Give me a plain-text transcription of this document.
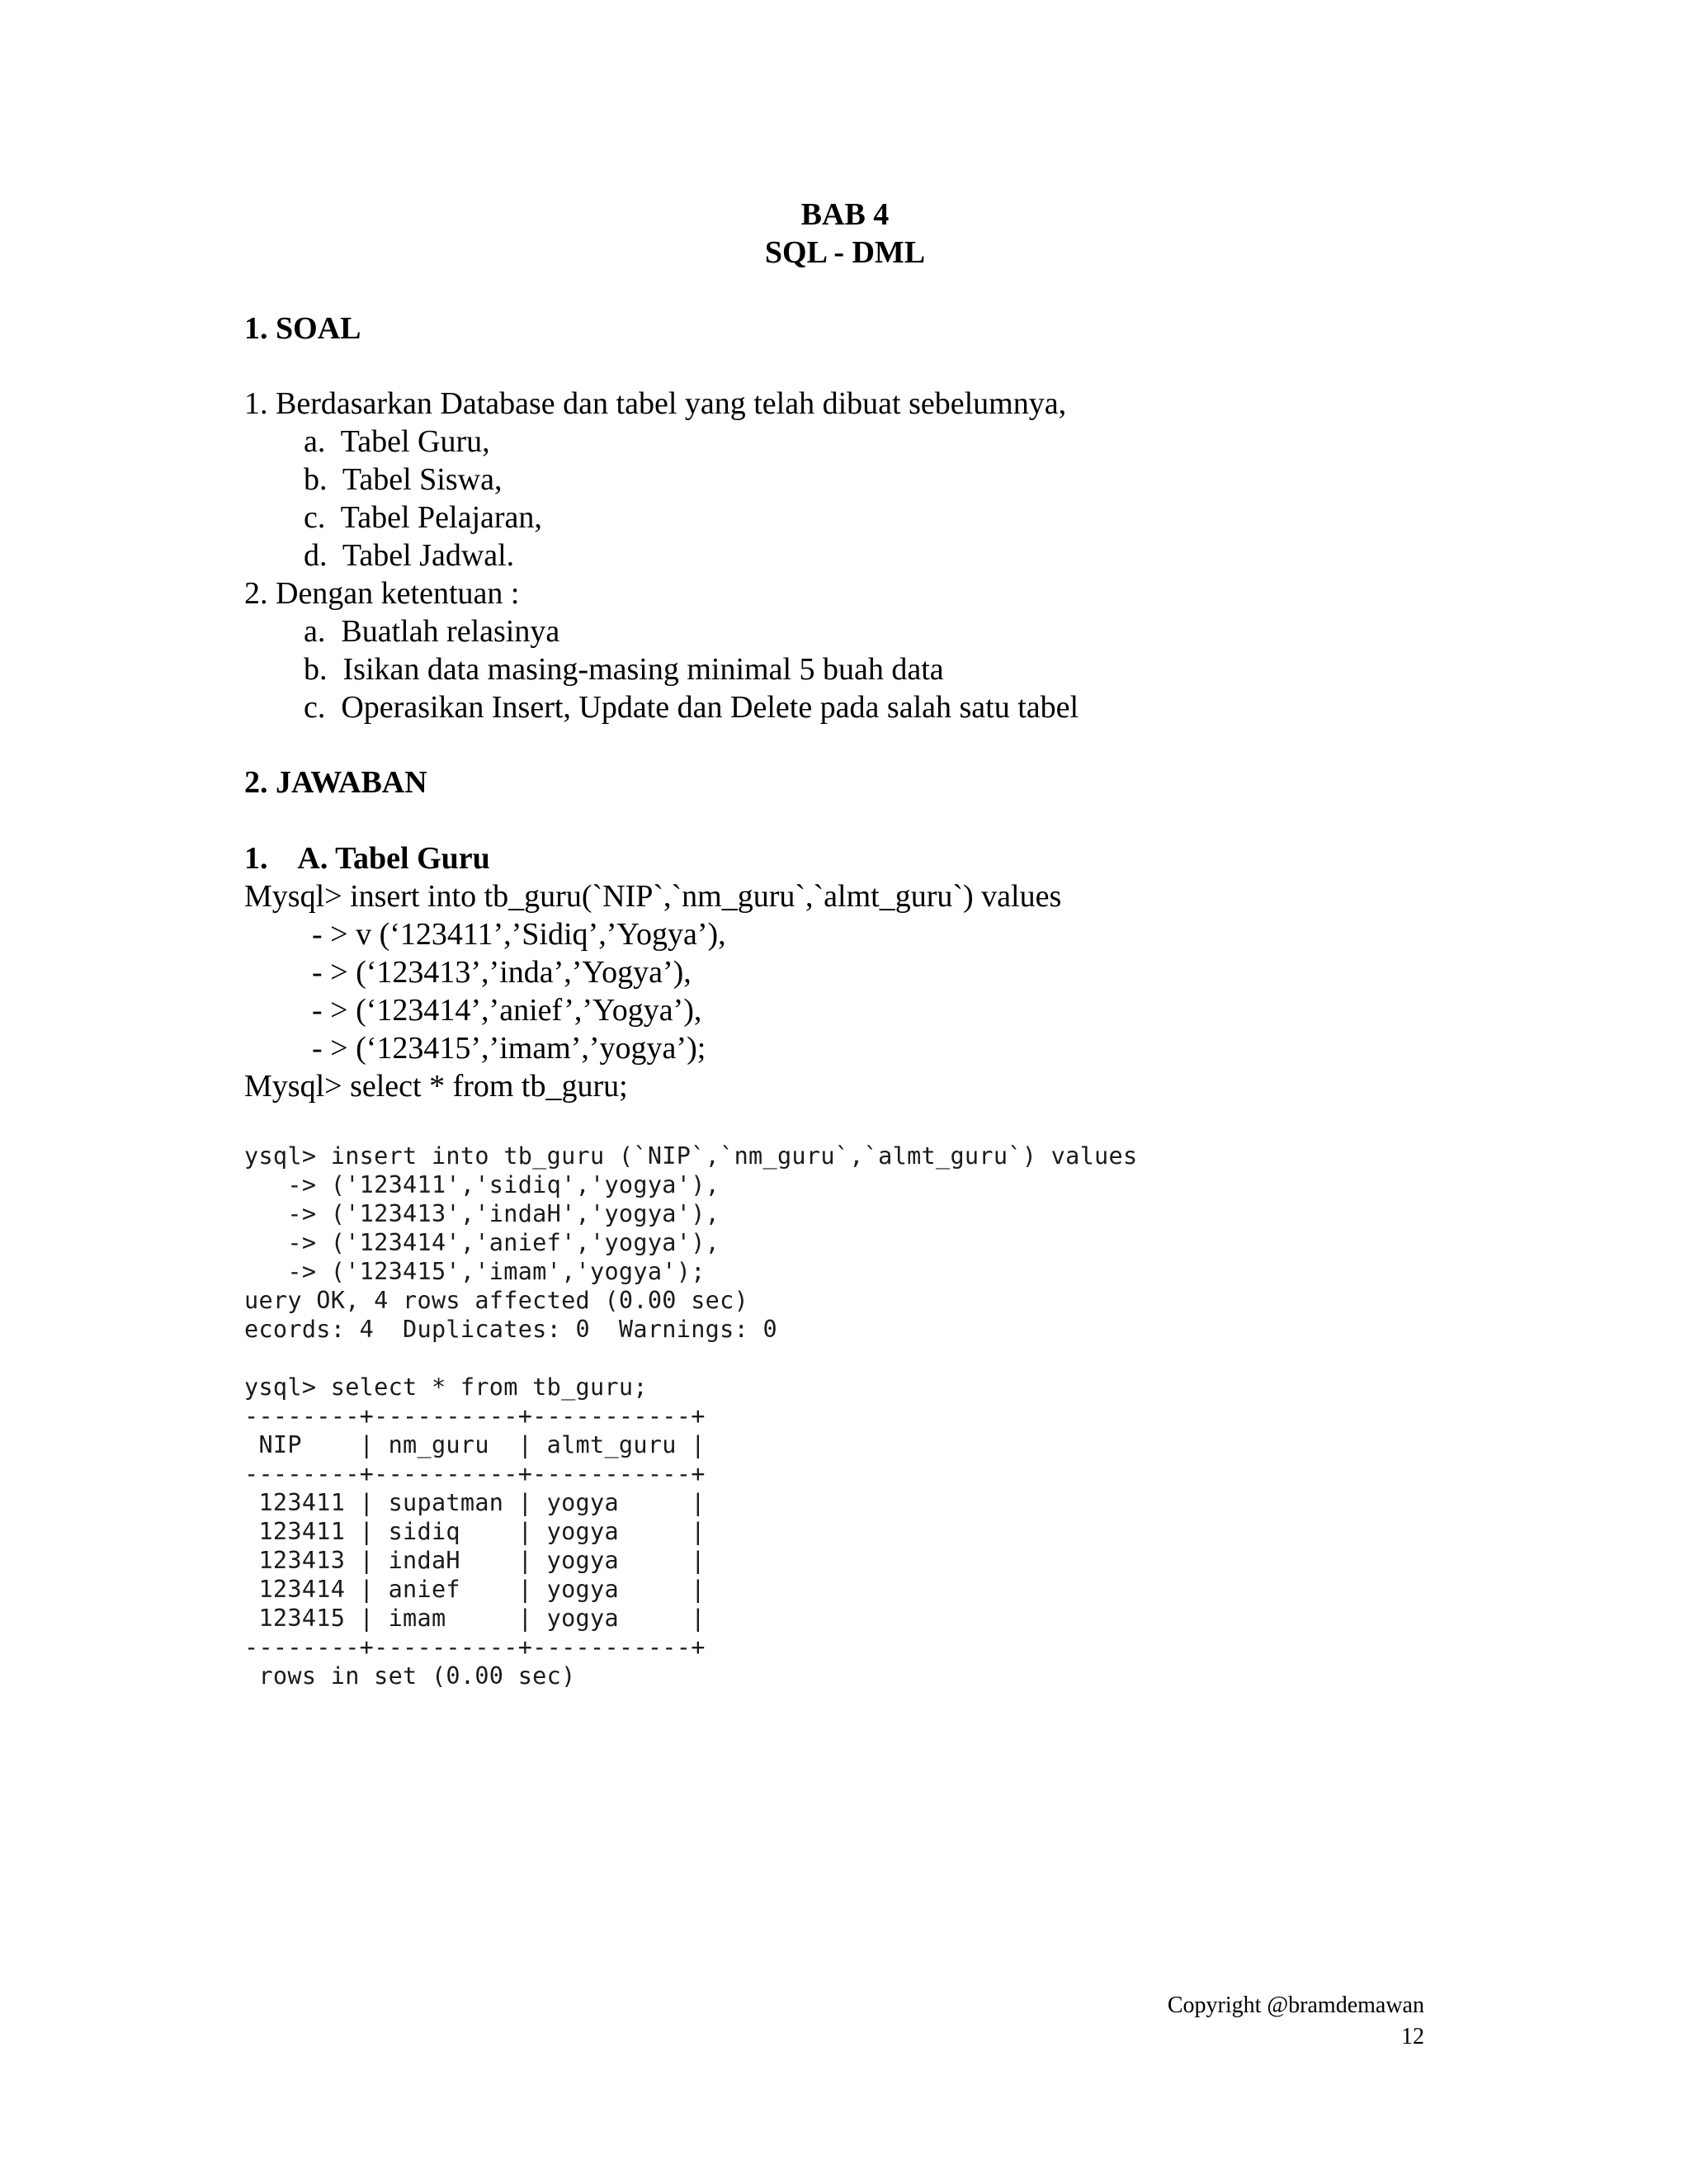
BAB 4
SQL - DML
1. SOAL
1. Berdasarkan Database dan tabel yang telah dibuat sebelumnya,
a.  Tabel Guru,
b.  Tabel Siswa,
c.  Tabel Pelajaran,
d.  Tabel Jadwal.
2. Dengan ketentuan :
a.  Buatlah relasinya
b.  Isikan data masing-masing minimal 5 buah data
c.  Operasikan Insert, Update dan Delete pada salah satu tabel
2. JAWABAN
1.    A. Tabel Guru
Mysql> insert into tb_guru(`NIP`,`nm_guru`,`almt_guru`) values
- > v (‘123411’,’Sidiq’,’Yogya’),
- > (‘123413’,’inda’,’Yogya’),
- > (‘123414’,’anief’,’Yogya’),
- > (‘123415’,’imam’,’yogya’);
Mysql> select * from tb_guru;
ysql> insert into tb_guru (`NIP`,`nm_guru`,`almt_guru`) values
-> ('123411','sidiq','yogya'),
-> ('123413','indaH','yogya'),
-> ('123414','anief','yogya'),
-> ('123415','imam','yogya');
uery OK, 4 rows affected (0.00 sec)
ecords: 4  Duplicates: 0  Warnings: 0
ysql> select * from tb_guru;
--------+----------+-----------+
NIP    | nm_guru  | almt_guru |
--------+----------+-----------+
123411 | supatman | yogya     |
123411 | sidiq    | yogya     |
123413 | indaH    | yogya     |
123414 | anief    | yogya     |
123415 | imam     | yogya     |
--------+----------+-----------+
rows in set (0.00 sec)
Copyright @bramdemawan
12
